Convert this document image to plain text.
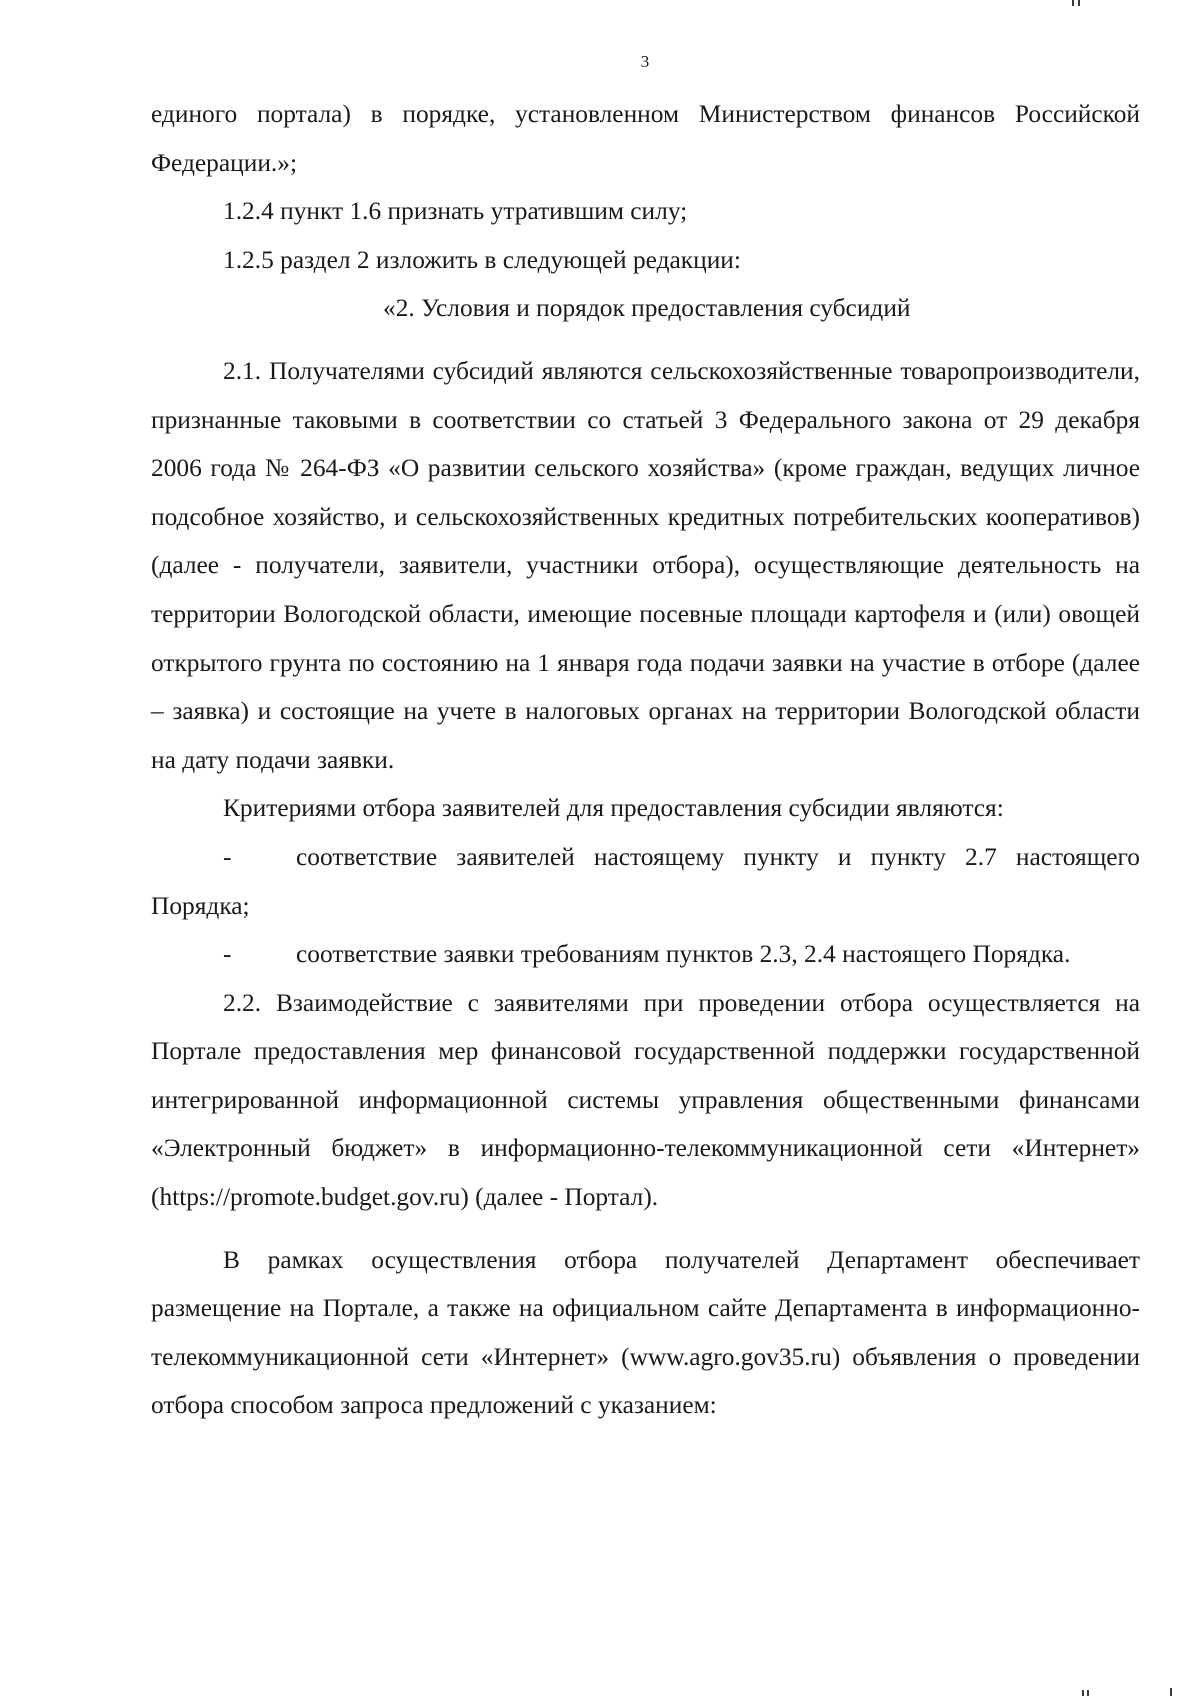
3

единого портала) в порядке, установленном Министерством финансов Российской Федерации.»;

1.2.4 пункт 1.6 признать утратившим силу;

1.2.5 раздел 2 изложить в следующей редакции:

«2. Условия и порядок предоставления субсидий

2.1. Получателями субсидий являются сельскохозяйственные товаропроизводители, признанные таковыми в соответствии со статьей 3 Федерального закона от 29 декабря 2006 года № 264-ФЗ «О развитии сельского хозяйства» (кроме граждан, ведущих личное подсобное хозяйство, и сельскохозяйственных кредитных потребительских кооперативов) (далее - получатели, заявители, участники отбора), осуществляющие деятельность на территории Вологодской области, имеющие посевные площади картофеля и (или) овощей открытого грунта по состоянию на 1 января года подачи заявки на участие в отборе (далее – заявка) и состоящие на учете в налоговых органах на территории Вологодской области на дату подачи заявки.

Критериями отбора заявителей для предоставления субсидии являются:

-	соответствие заявителей настоящему пункту и пункту 2.7 настоящего Порядка;

-	соответствие заявки требованиям пунктов 2.3, 2.4 настоящего Порядка.

2.2. Взаимодействие с заявителями при проведении отбора осуществляется на Портале предоставления мер финансовой государственной поддержки государственной интегрированной информационной системы управления общественными финансами «Электронный бюджет» в информационно-телекоммуникационной сети «Интернет» (https://promote.budget.gov.ru) (далее - Портал).

В рамках осуществления отбора получателей Департамент обеспечивает размещение на Портале, а также на официальном сайте Департамента в информационно-телекоммуникационной сети «Интернет» (www.agro.gov35.ru) объявления о проведении отбора способом запроса предложений с указанием:
